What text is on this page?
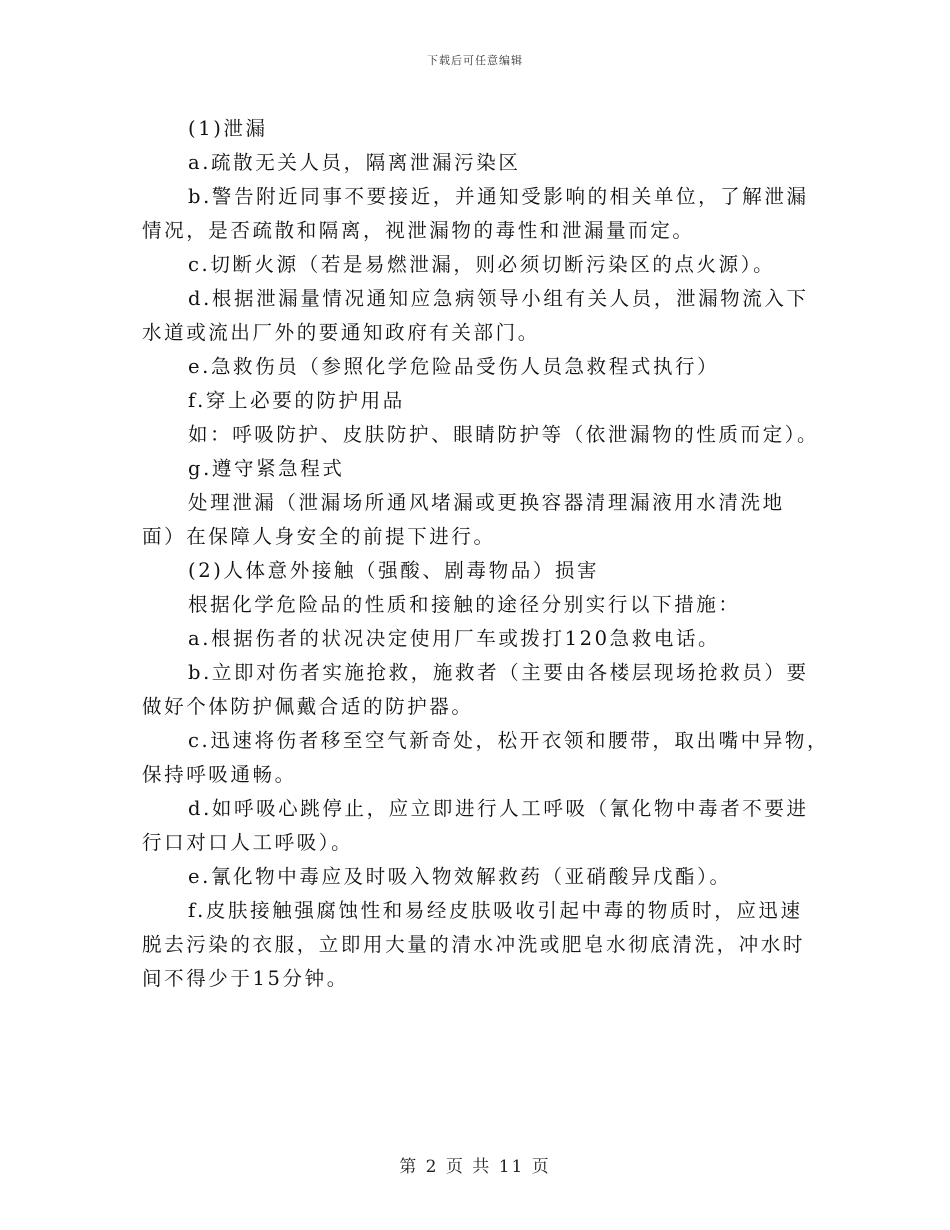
下载后可任意编辑

(1)泄漏

a.疏散无关人员，隔离泄漏污染区

b.警告附近同事不要接近，并通知受影响的相关单位，了解泄漏

情况，是否疏散和隔离，视泄漏物的毒性和泄漏量而定。

c.切断火源（若是易燃泄漏，则必须切断污染区的点火源）。

d.根据泄漏量情况通知应急病领导小组有关人员，泄漏物流入下

水道或流出厂外的要通知政府有关部门。

e.急救伤员（参照化学危险品受伤人员急救程式执行）

f.穿上必要的防护用品

如：呼吸防护、皮肤防护、眼睛防护等（依泄漏物的性质而定）。

g.遵守紧急程式

处理泄漏（泄漏场所通风堵漏或更换容器清理漏液用水清洗地

面）在保障人身安全的前提下进行。

(2)人体意外接触（强酸、剧毒物品）损害

根据化学危险品的性质和接触的途径分别实行以下措施：

a.根据伤者的状况决定使用厂车或拨打120急救电话。

b.立即对伤者实施抢救，施救者（主要由各楼层现场抢救员）要

做好个体防护佩戴合适的防护器。

c.迅速将伤者移至空气新奇处，松开衣领和腰带，取出嘴中异物，

保持呼吸通畅。

d.如呼吸心跳停止，应立即进行人工呼吸（氰化物中毒者不要进

行口对口人工呼吸）。

e.氰化物中毒应及时吸入物效解救药（亚硝酸异戊酯）。

f.皮肤接触强腐蚀性和易经皮肤吸收引起中毒的物质时，应迅速

脱去污染的衣服，立即用大量的清水冲洗或肥皂水彻底清洗，冲水时

间不得少于15分钟。

第 2 页 共 11 页
